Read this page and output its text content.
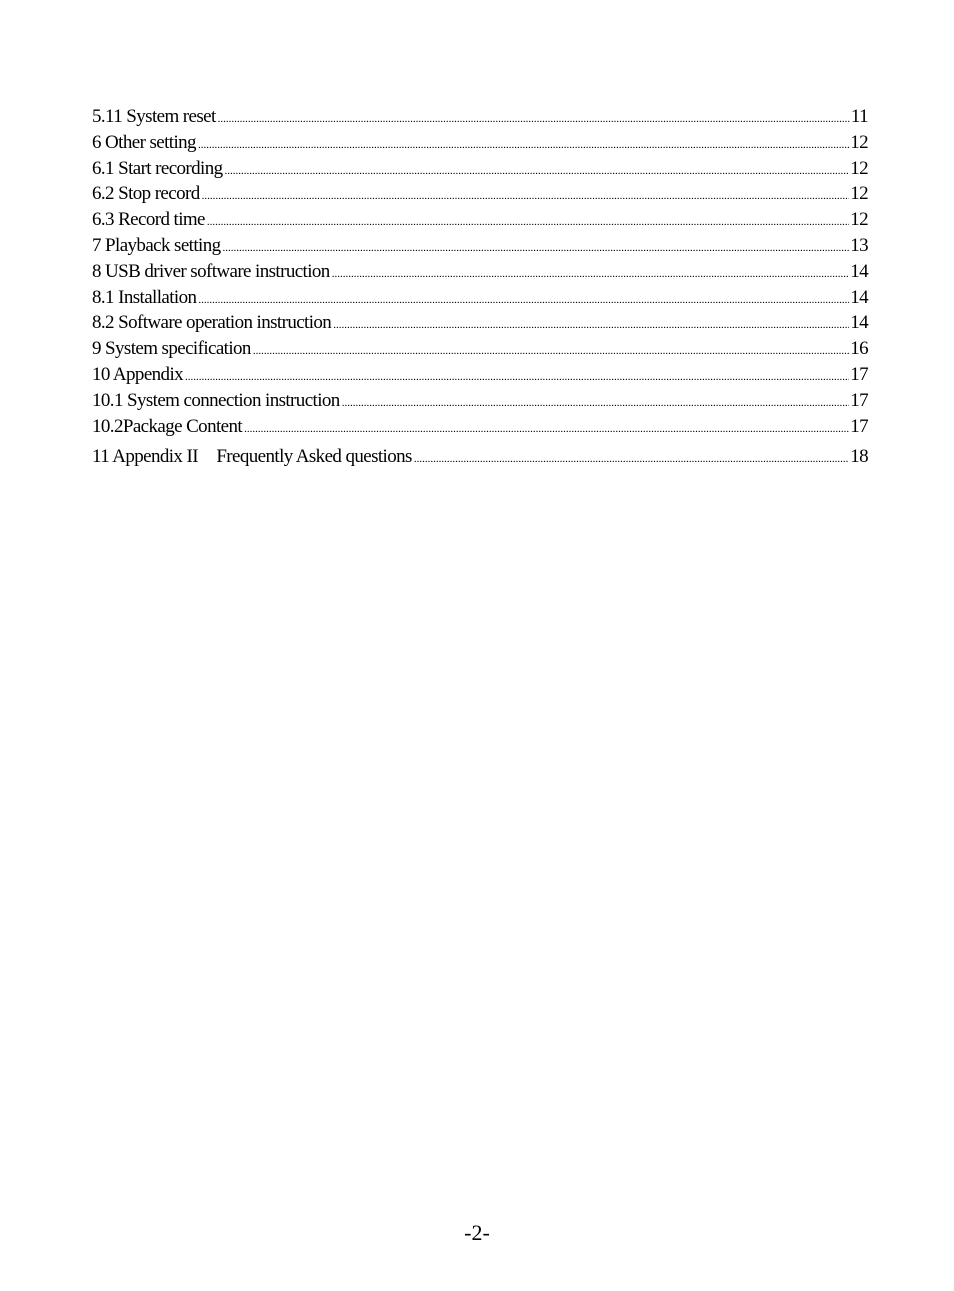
5.11 System reset .....	11
6 Other setting .....	12
6.1 Start recording .....	12
6.2 Stop record .....	12
6.3 Record time .....	12
7 Playback setting .....	13
8 USB driver software instruction .....	14
8.1 Installation .....	14
8.2 Software operation instruction .....	14
9 System specification .....	16
10 Appendix .....	17
10.1 System connection instruction .....	17
10.2Package Content .....	17
11 Appendix II　Frequently Asked questions .....	18
-2-
